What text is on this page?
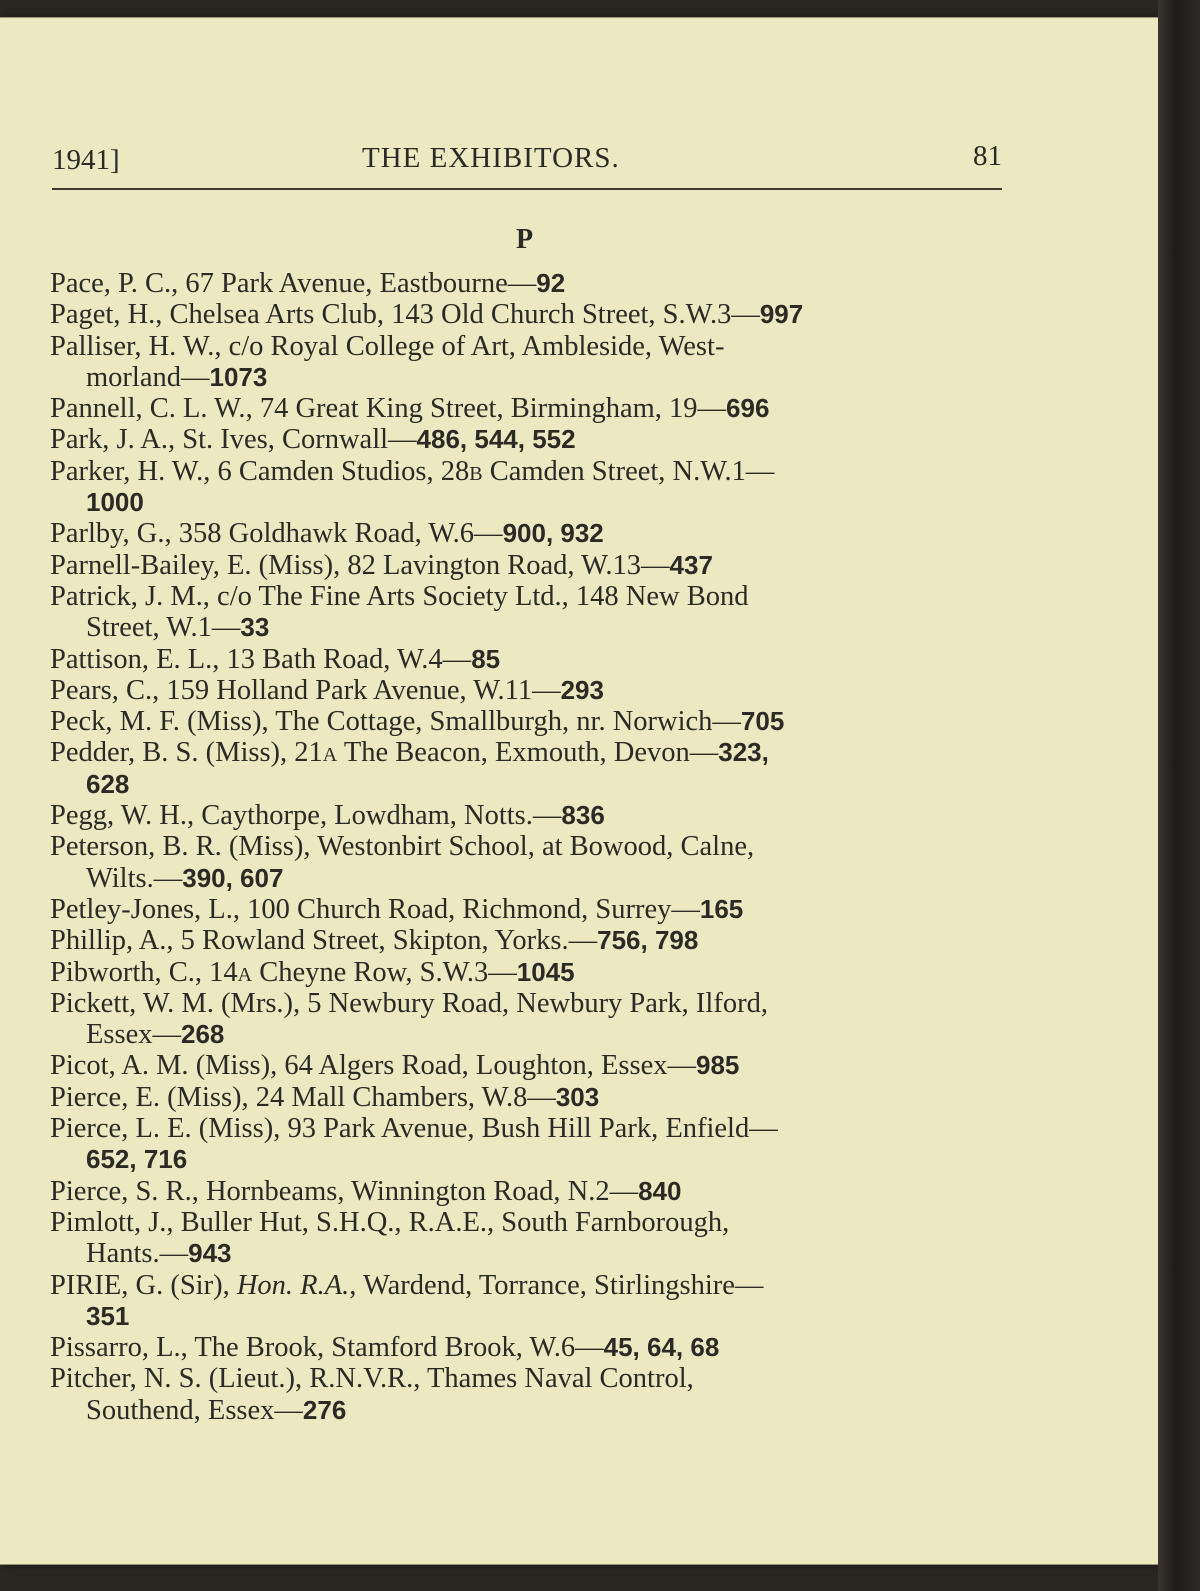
1941]	THE EXHIBITORS.	81
P
Pace, P. C., 67 Park Avenue, Eastbourne—92
Paget, H., Chelsea Arts Club, 143 Old Church Street, S.W.3—997
Palliser, H. W., c/o Royal College of Art, Ambleside, West-
morland—1073
Pannell, C. L. W., 74 Great King Street, Birmingham, 19—696
Park, J. A., St. Ives, Cornwall—486, 544, 552
Parker, H. W., 6 Camden Studios, 28B Camden Street, N.W.1—
1000
Parlby, G., 358 Goldhawk Road, W.6—900, 932
Parnell-Bailey, E. (Miss), 82 Lavington Road, W.13—437
Patrick, J. M., c/o The Fine Arts Society Ltd., 148 New Bond
Street, W.1—33
Pattison, E. L., 13 Bath Road, W.4—85
Pears, C., 159 Holland Park Avenue, W.11—293
Peck, M. F. (Miss), The Cottage, Smallburgh, nr. Norwich—705
Pedder, B. S. (Miss), 21A The Beacon, Exmouth, Devon—323,
628
Pegg, W. H., Caythorpe, Lowdham, Notts.—836
Peterson, B. R. (Miss), Westonbirt School, at Bowood, Calne,
Wilts.—390, 607
Petley-Jones, L., 100 Church Road, Richmond, Surrey—165
Phillip, A., 5 Rowland Street, Skipton, Yorks.—756, 798
Pibworth, C., 14A Cheyne Row, S.W.3—1045
Pickett, W. M. (Mrs.), 5 Newbury Road, Newbury Park, Ilford,
Essex—268
Picot, A. M. (Miss), 64 Algers Road, Loughton, Essex—985
Pierce, E. (Miss), 24 Mall Chambers, W.8—303
Pierce, L. E. (Miss), 93 Park Avenue, Bush Hill Park, Enfield—
652, 716
Pierce, S. R., Hornbeams, Winnington Road, N.2—840
Pimlott, J., Buller Hut, S.H.Q., R.A.E., South Farnborough,
Hants.—943
PIRIE, G. (Sir), Hon. R.A., Wardend, Torrance, Stirlingshire—
351
Pissarro, L., The Brook, Stamford Brook, W.6—45, 64, 68
Pitcher, N. S. (Lieut.), R.N.V.R., Thames Naval Control,
Southend, Essex—276
